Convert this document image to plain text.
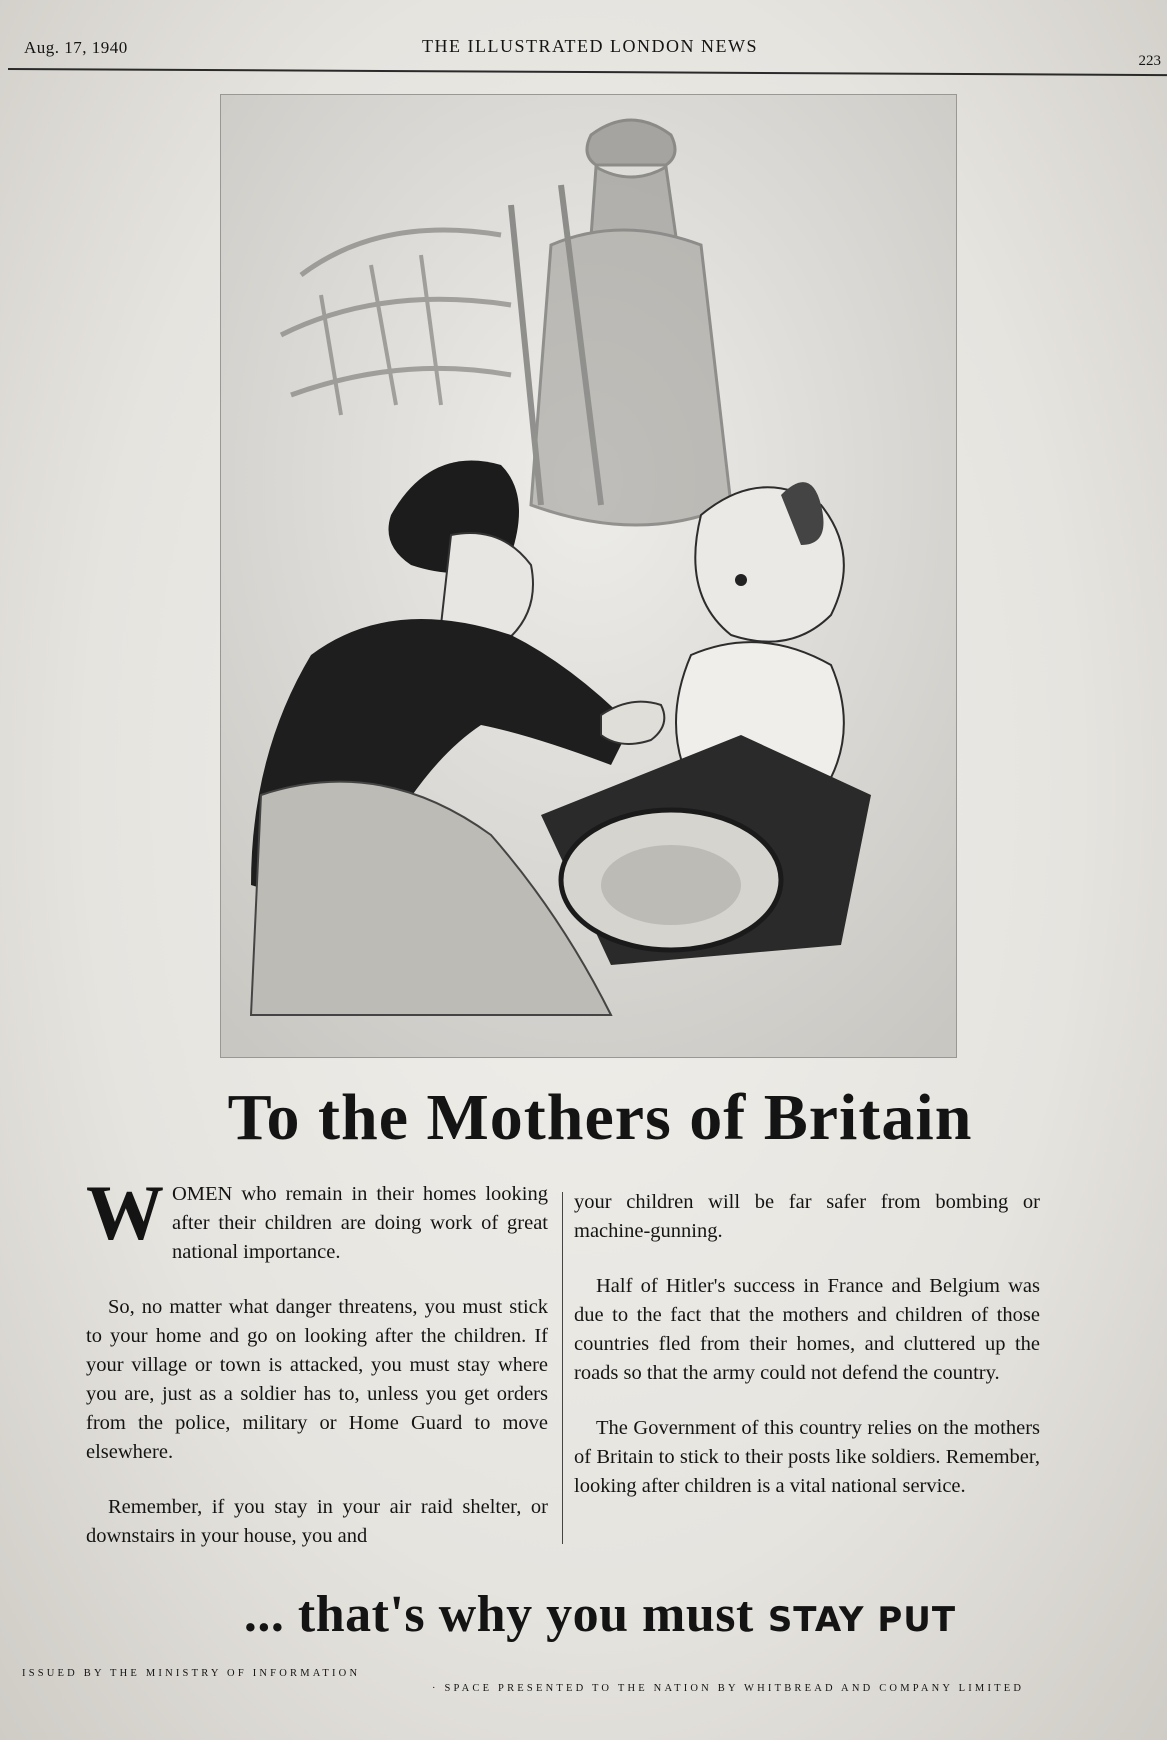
Aug. 17, 1940	THE ILLUSTRATED LONDON NEWS
223
To the Mothers of Britain

WOMEN who remain in their homes looking after their children are doing work of great national importance.

So, no matter what danger threatens, you must stick to your home and go on looking after the children. If your village or town is attacked, you must stay where you are, just as a soldier has to, unless you get orders from the police, military or Home Guard to move elsewhere.

Remember, if you stay in your air raid shelter, or downstairs in your house, you and

your children will be far safer from bombing or machine-gunning.

Half of Hitler's success in France and Belgium was due to the fact that the mothers and children of those countries fled from their homes, and cluttered up the roads so that the army could not defend the country.

The Government of this country relies on the mothers of Britain to stick to their posts like soldiers. Remember, looking after children is a vital national service.

... that's why you must STAY PUT
ISSUED BY THE MINISTRY OF INFORMATION
· SPACE PRESENTED TO THE NATION BY WHITBREAD AND COMPANY LIMITED
